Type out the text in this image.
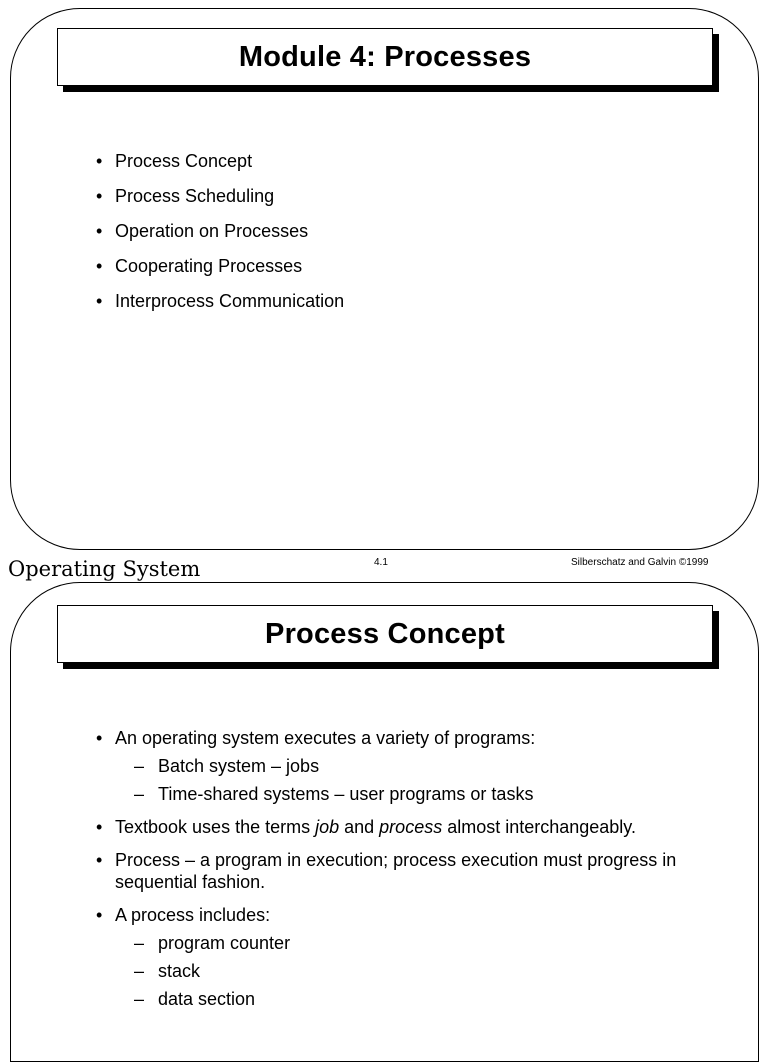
Module 4: Processes
• Process Concept
• Process Scheduling
• Operation on Processes
• Cooperating Processes
• Interprocess Communication
Operating System	4.1	Silberschatz and Galvin ©1999
Process Concept
• An operating system executes a variety of programs:
– Batch system – jobs
– Time-shared systems – user programs or tasks
• Textbook uses the terms job and process almost interchangeably.
• Process – a program in execution; process execution must progress in sequential fashion.
• A process includes:
– program counter
– stack
– data section
